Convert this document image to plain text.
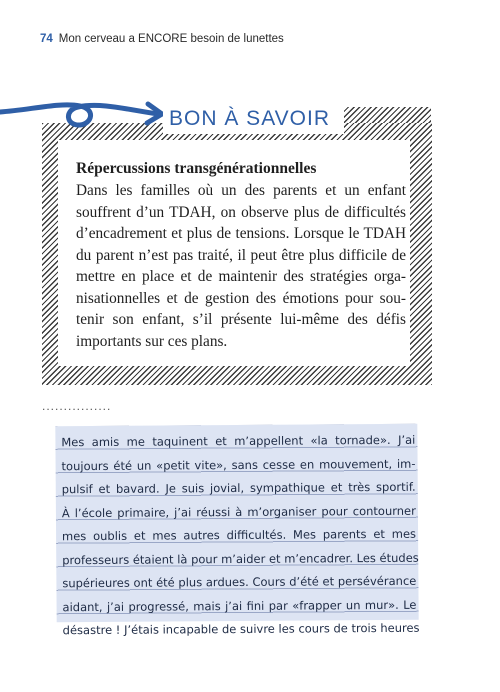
74 Mon cerveau a ENCORE besoin de lunettes
BON À SAVOIR
Répercussions transgénérationnelles
Dans les familles où un des parents et un enfant
souffrent d’un TDAH, on observe plus de difficultés
d’encadrement et plus de tensions. Lorsque le TDAH
du parent n’est pas traité, il peut être plus difficile de
mettre en place et de maintenir des stratégies orga-
nisationnelles et de gestion des émotions pour sou-
tenir son enfant, s’il présente lui-même des défis
importants sur ces plans.
................
Mes amis me taquinent et m’appellent «la tornade». J’ai
toujours été un «petit vite», sans cesse en mouvement, im-
pulsif et bavard. Je suis jovial, sympathique et très sportif.
À l’école primaire, j’ai réussi à m’organiser pour contourner
mes oublis et mes autres difficultés. Mes parents et mes
professeurs étaient là pour m’aider et m’encadrer. Les études
supérieures ont été plus ardues. Cours d’été et persévérance
aidant, j’ai progressé, mais j’ai fini par «frapper un mur». Le
désastre ! J’étais incapable de suivre les cours de trois heures
